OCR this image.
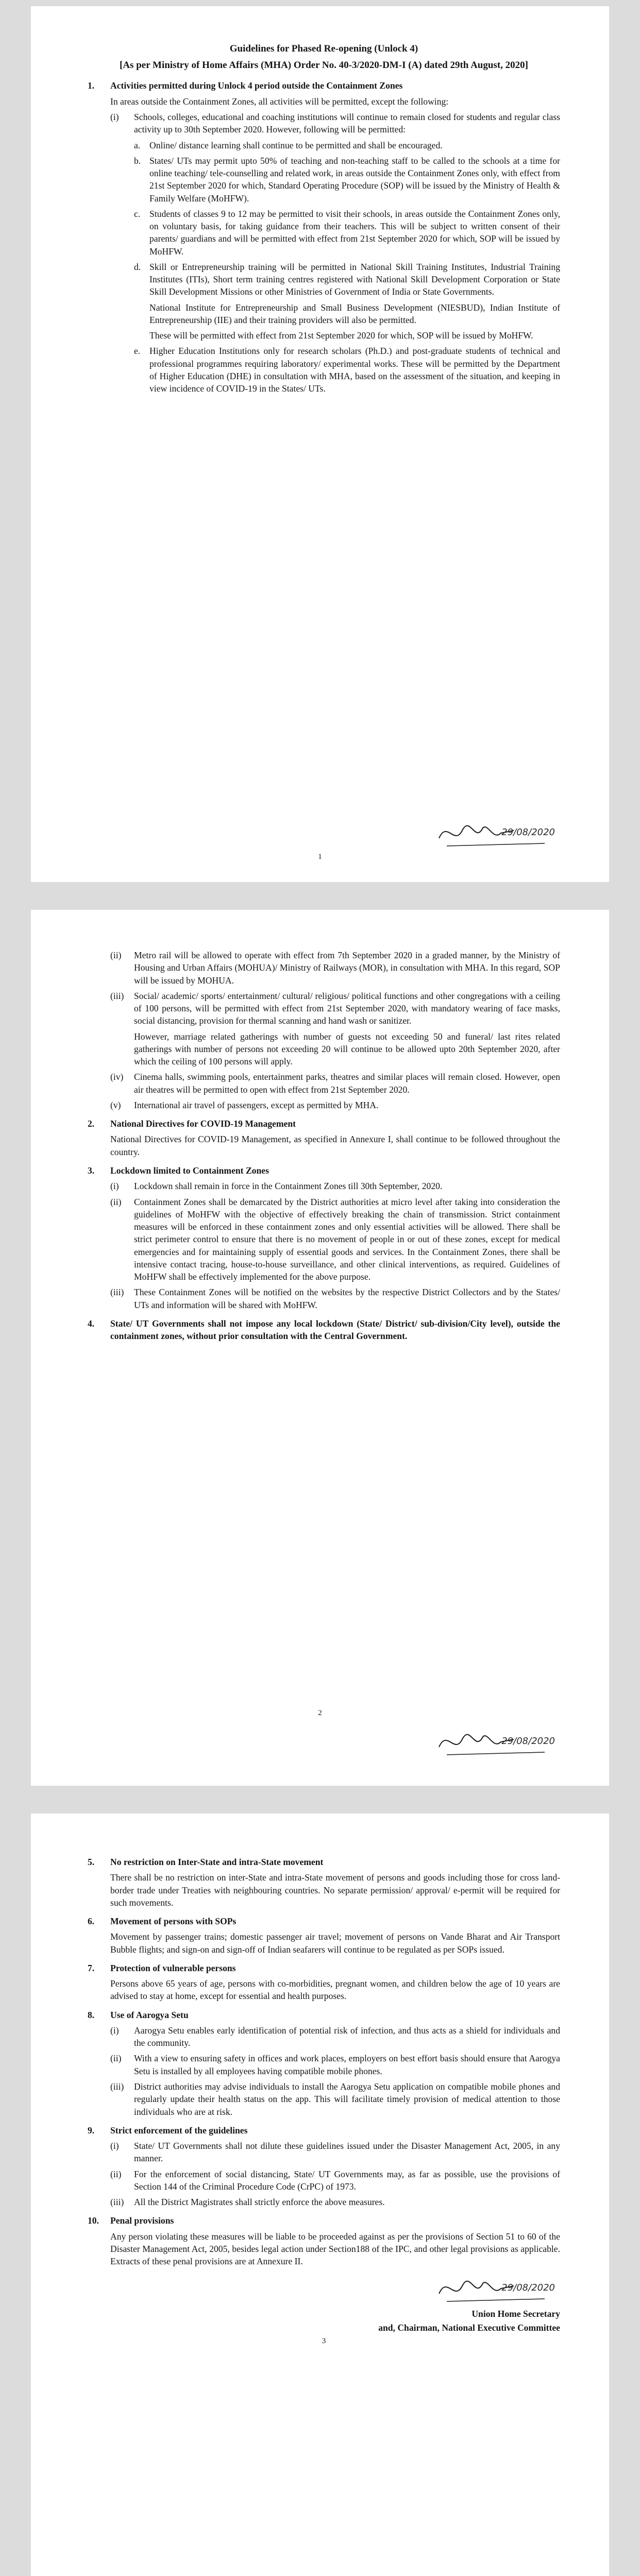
Guidelines for Phased Re-opening (Unlock 4)
[As per Ministry of Home Affairs (MHA) Order No. 40-3/2020-DM-I (A) dated 29th August, 2020]
1.	Activities permitted during Unlock 4 period outside the Containment Zones
In areas outside the Containment Zones, all activities will be permitted, except the following:
(i)	Schools, colleges, educational and coaching institutions will continue to remain closed for students and regular class activity up to 30th September 2020. However, following will be permitted:
a.	Online/ distance learning shall continue to be permitted and shall be encouraged.
b. States/ UTs may permit upto 50% of teaching and non-teaching staff to be called to the schools at a time for online teaching/ tele-counselling and related work, in areas outside the Containment Zones only, with effect from 21st September 2020 for which, Standard Operating Procedure (SOP) will be issued by the Ministry of Health & Family Welfare (MoHFW).
c.	Students of classes 9 to 12 may be permitted to visit their schools, in areas outside the Containment Zones only, on voluntary basis, for taking guidance from their teachers. This will be subject to written consent of their parents/ guardians and will be permitted with effect from 21st September 2020 for which, SOP will be issued by MoHFW.
d. Skill or Entrepreneurship training will be permitted in National Skill Training Institutes, Industrial Training Institutes (ITIs), Short term training centres registered with National Skill Development Corporation or State Skill Development Missions or other Ministries of Government of India or State Governments.
National Institute for Entrepreneurship and Small Business Development (NIESBUD), Indian Institute of Entrepreneurship (IIE) and their training providers will also be permitted.
These will be permitted with effect from 21st September 2020 for which, SOP will be issued by MoHFW.
e.	Higher Education Institutions only for research scholars (Ph.D.) and post-graduate students of technical and professional programmes requiring laboratory/ experimental works. These will be permitted by the Department of Higher Education (DHE) in consultation with MHA, based on the assessment of the situation, and keeping in view incidence of COVID-19 in the States/ UTs.
29/08/2020
1
(ii)	Metro rail will be allowed to operate with effect from 7th September 2020 in a graded manner, by the Ministry of Housing and Urban Affairs (MOHUA)/ Ministry of Railways (MOR), in consultation with MHA. In this regard, SOP will be issued by MOHUA.
(iii)	Social/ academic/ sports/ entertainment/ cultural/ religious/ political functions and other congregations with a ceiling of 100 persons, will be permitted with effect from 21st September 2020, with mandatory wearing of face masks, social distancing, provision for thermal scanning and hand wash or sanitizer.
However, marriage related gatherings with number of guests not exceeding 50 and funeral/ last rites related gatherings with number of persons not exceeding 20 will continue to be allowed upto 20th September 2020, after which the ceiling of 100 persons will apply.
(iv)	Cinema halls, swimming pools, entertainment parks, theatres and similar places will remain closed. However, open air theatres will be permitted to open with effect from 21st September 2020.
(v)	International air travel of passengers, except as permitted by MHA.
2.	National Directives for COVID-19 Management
National Directives for COVID-19 Management, as specified in Annexure I, shall continue to be followed throughout the country.
3.	Lockdown limited to Containment Zones
(i)	Lockdown shall remain in force in the Containment Zones till 30th September, 2020.
(ii)	Containment Zones shall be demarcated by the District authorities at micro level after taking into consideration the guidelines of MoHFW with the objective of effectively breaking the chain of transmission. Strict containment measures will be enforced in these containment zones and only essential activities will be allowed. There shall be strict perimeter control to ensure that there is no movement of people in or out of these zones, except for medical emergencies and for maintaining supply of essential goods and services. In the Containment Zones, there shall be intensive contact tracing, house-to-house surveillance, and other clinical interventions, as required. Guidelines of MoHFW shall be effectively implemented for the above purpose.
(iii)	These Containment Zones will be notified on the websites by the respective District Collectors and by the States/ UTs and information will be shared with MoHFW.
4.	State/ UT Governments shall not impose any local lockdown (State/ District/ sub-division/City level), outside the containment zones, without prior consultation with the Central Government.
2
29/08/2020
5.	No restriction on Inter-State and intra-State movement
There shall be no restriction on inter-State and intra-State movement of persons and goods including those for cross land-border trade under Treaties with neighbouring countries. No separate permission/ approval/ e-permit will be required for such movements.
6.	Movement of persons with SOPs
Movement by passenger trains; domestic passenger air travel; movement of persons on Vande Bharat and Air Transport Bubble flights; and sign-on and sign-off of Indian seafarers will continue to be regulated as per SOPs issued.
7.	Protection of vulnerable persons
Persons above 65 years of age, persons with co-morbidities, pregnant women, and children below the age of 10 years are advised to stay at home, except for essential and health purposes.
8.	Use of Aarogya Setu
(i)	Aarogya Setu enables early identification of potential risk of infection, and thus acts as a shield for individuals and the community.
(ii)	With a view to ensuring safety in offices and work places, employers on best effort basis should ensure that Aarogya Setu is installed by all employees having compatible mobile phones.
(iii)	District authorities may advise individuals to install the Aarogya Setu application on compatible mobile phones and regularly update their health status on the app. This will facilitate timely provision of medical attention to those individuals who are at risk.
9.	Strict enforcement of the guidelines
(i)	State/ UT Governments shall not dilute these guidelines issued under the Disaster Management Act, 2005, in any manner.
(ii)	For the enforcement of social distancing, State/ UT Governments may, as far as possible, use the provisions of Section 144 of the Criminal Procedure Code (CrPC) of 1973.
(iii)	All the District Magistrates shall strictly enforce the above measures.
10.	Penal provisions
Any person violating these measures will be liable to be proceeded against as per the provisions of Section 51 to 60 of the Disaster Management Act, 2005, besides legal action under Section188 of the IPC, and other legal provisions as applicable. Extracts of these penal provisions are at Annexure II.
29/08/2020
Union Home Secretary
and, Chairman, National Executive Committee
3
